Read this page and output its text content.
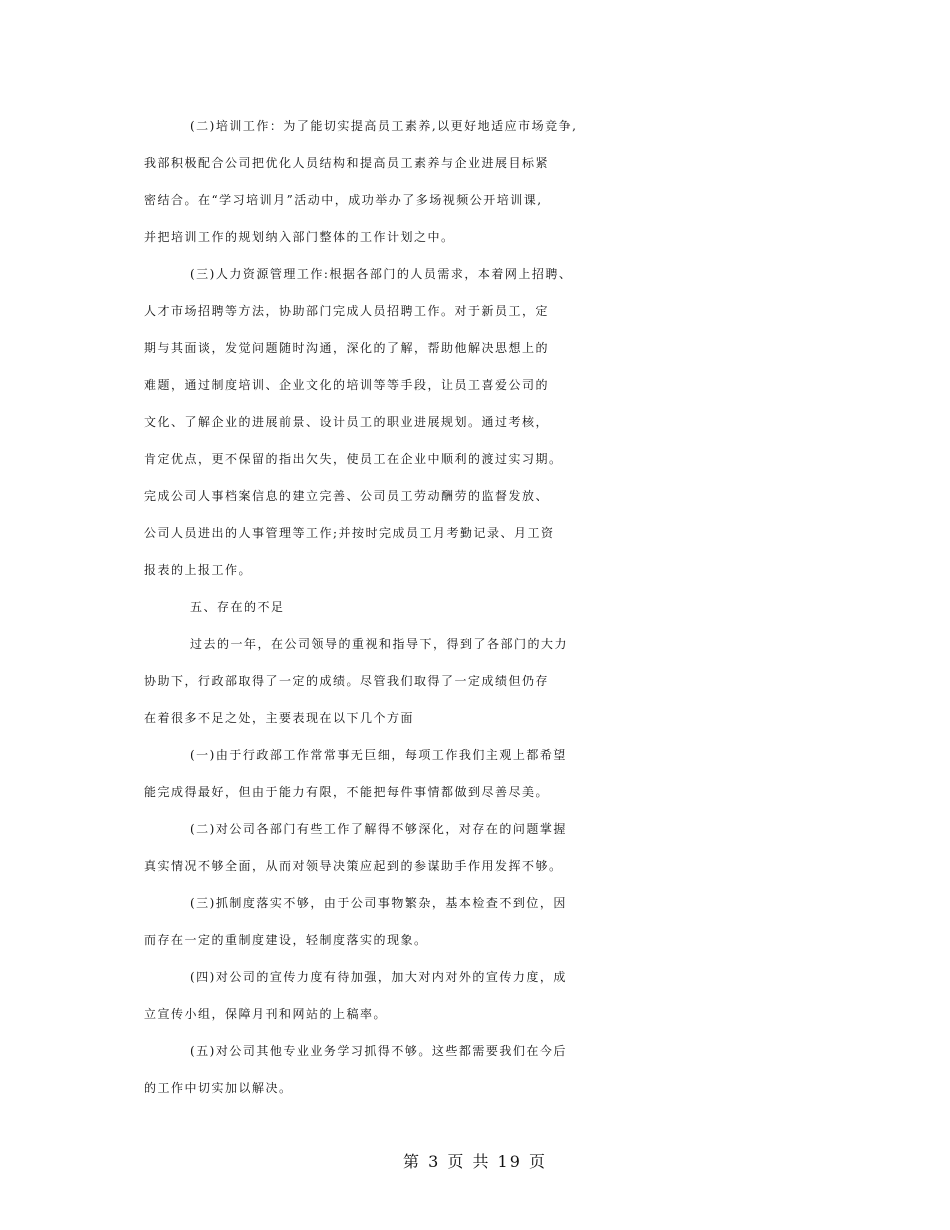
(二)培训工作：为了能切实提高员工素养,以更好地适应市场竞争,
我部积极配合公司把优化人员结构和提高员工素养与企业进展目标紧
密结合。在“学习培训月”活动中，成功举办了多场视频公开培训课,
并把培训工作的规划纳入部门整体的工作计划之中。
(三)人力资源管理工作:根据各部门的人员需求，本着网上招聘、
人才市场招聘等方法，协助部门完成人员招聘工作。对于新员工，定
期与其面谈，发觉问题随时沟通，深化的了解，帮助他解决思想上的
难题，通过制度培训、企业文化的培训等等手段，让员工喜爱公司的
文化、了解企业的进展前景、设计员工的职业进展规划。通过考核，
肯定优点，更不保留的指出欠失，使员工在企业中顺利的渡过实习期。
完成公司人事档案信息的建立完善、公司员工劳动酬劳的监督发放、
公司人员进出的人事管理等工作;并按时完成员工月考勤记录、月工资
报表的上报工作。
五、存在的不足
过去的一年，在公司领导的重视和指导下，得到了各部门的大力
协助下，行政部取得了一定的成绩。尽管我们取得了一定成绩但仍存
在着很多不足之处，主要表现在以下几个方面
(一)由于行政部工作常常事无巨细，每项工作我们主观上都希望
能完成得最好，但由于能力有限，不能把每件事情都做到尽善尽美。
(二)对公司各部门有些工作了解得不够深化，对存在的问题掌握
真实情况不够全面，从而对领导决策应起到的参谋助手作用发挥不够。
(三)抓制度落实不够，由于公司事物繁杂，基本检查不到位，因
而存在一定的重制度建设，轻制度落实的现象。
(四)对公司的宣传力度有待加强，加大对内对外的宣传力度，成
立宣传小组，保障月刊和网站的上稿率。
(五)对公司其他专业业务学习抓得不够。这些都需要我们在今后
的工作中切实加以解决。
第 3 页 共 19 页
